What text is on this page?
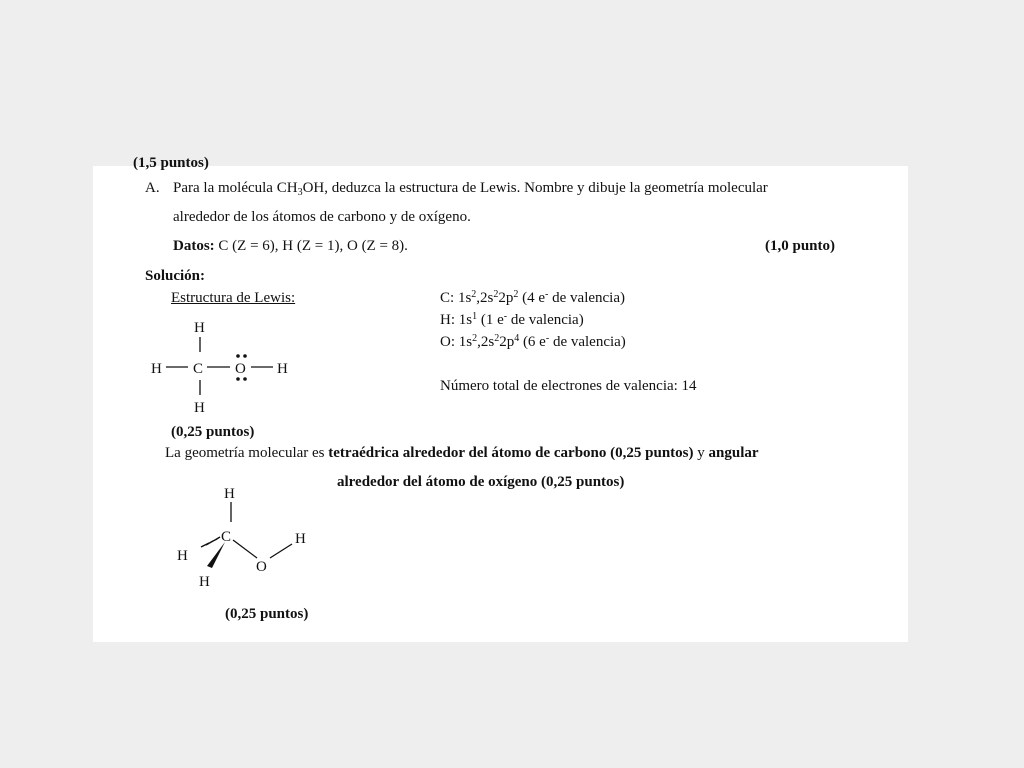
(1,5 puntos)
A. Para la molécula $CH_3OH$, deduzca la estructura de Lewis. Nombre y dibuje la geometría molecular
alrededor de los átomos de carbono y de oxígeno.
Datos: C (Z = 6), H (Z = 1), O (Z = 8).	(1,0 punto)
Solución:
Estructura de Lewis:	C: $1s^2,2s^22p^2$ (4 e- de valencia)
H: $1s^1$ (1 e- de valencia)
O: $1s^2,2s^22p^4$ (6 e- de valencia)
Número total de electrones de valencia: 14
H
H C O H
H
(0,25 puntos)
La geometría molecular es tetraédrica alrededor del átomo de carbono (0,25 puntos) y angular
alrededor del átomo de oxígeno (0,25 puntos)
H
C
H
H
O
H
(0,25 puntos)
